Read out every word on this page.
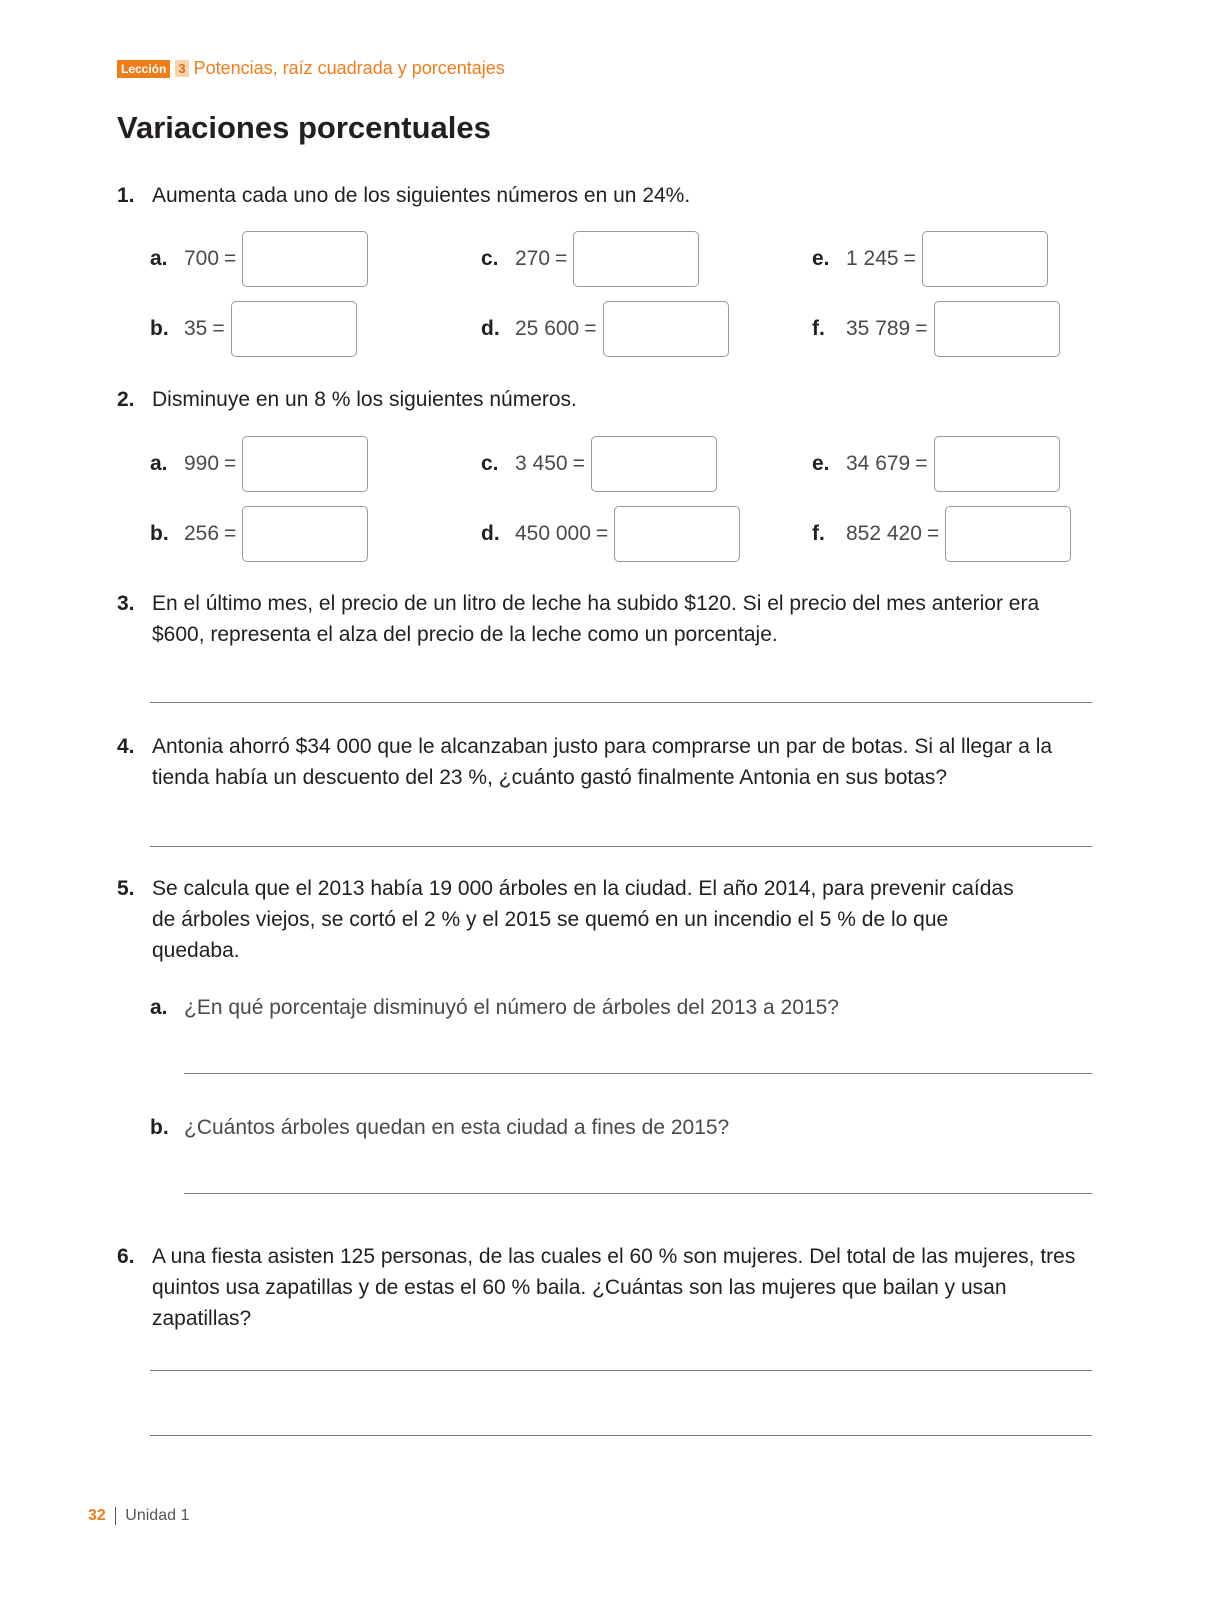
Lección 3 Potencias, raíz cuadrada y porcentajes
Variaciones porcentuales
1. Aumenta cada uno de los siguientes números en un 24%.
a. 700 =
b. 35 =
c. 270 =
d. 25 600 =
e. 1 245 =
f.	35 789 =
2. Disminuye en un 8 % los siguientes números.
a. 990 =
b. 256 =
c. 3 450 =
d. 450 000 =
e. 34 679 =
f.	852 420 =
3. En el último mes, el precio de un litro de leche ha subido $120. Si el precio del mes anterior era $600, representa el alza del precio de la leche como un porcentaje.
4. Antonia ahorró $34 000 que le alcanzaban justo para comprarse un par de botas. Si al llegar a la tienda había un descuento del 23 %, ¿cuánto gastó finalmente Antonia en sus botas?
5. Se calcula que el 2013 había 19 000 árboles en la ciudad. El año 2014, para prevenir caídas de árboles viejos, se cortó el 2 % y el 2015 se quemó en un incendio el 5 % de lo que quedaba.
a. ¿En qué porcentaje disminuyó el número de árboles del 2013 a 2015?
b. ¿Cuántos árboles quedan en esta ciudad a fines de 2015?
6. A una fiesta asisten 125 personas, de las cuales el 60 % son mujeres. Del total de las mujeres, tres quintos usa zapatillas y de estas el 60 % baila. ¿Cuántas son las mujeres que bailan y usan zapatillas?
32 Unidad 1
